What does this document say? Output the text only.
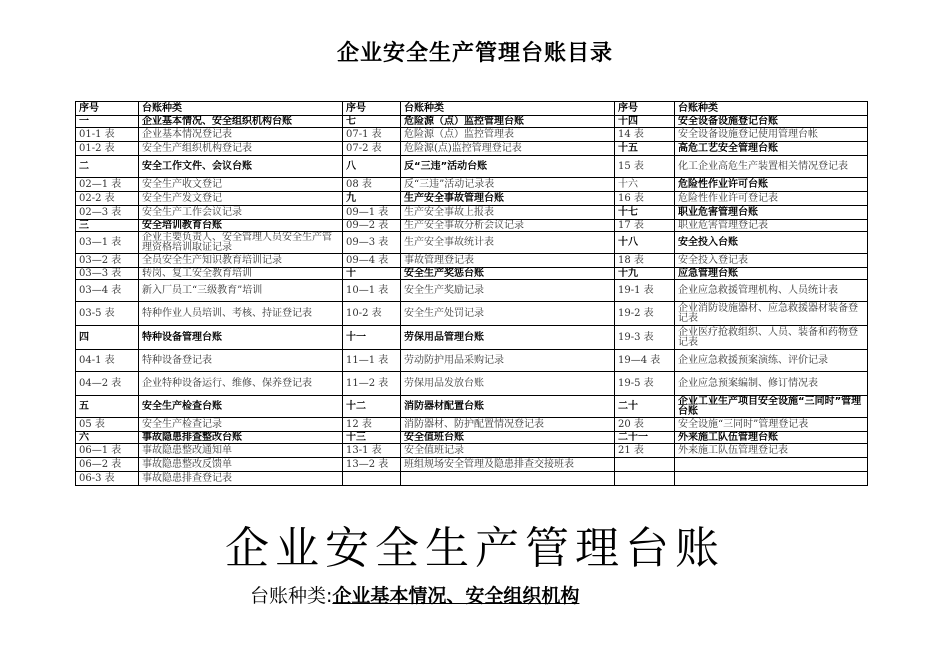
企业安全生产管理台账目录
序号	台账种类	序号	台账种类	序号	台账种类
一	企业基本情况、安全组织机构台账	七	危险源（点）监控管理台账	十四	安全设备设施登记台账
01-1 表	企业基本情况登记表	07-1 表	危险源（点）监控管理表	14 表	安全设备设施登记使用管理台帐
01-2 表	安全生产组织机构登记表	07-2 表	危险源(点)监控管理登记表	十五	高危工艺安全管理台账
二	安全工作文件、会议台账	八	反“三违”活动台账	15 表	化工企业高危生产装置相关情况登记表
02—1 表	安全生产收文登记	08 表	反“三违”活动记录表	十六	危险性作业许可台账
02-2 表	安全生产发文登记	九	生产安全事故管理台账	16 表	危险性作业许可登记表
02—3 表	安全生产工作会议记录	09—1 表	生产安全事故上报表	十七	职业危害管理台账
三	安全培训教育台账	09—2 表	生产安全事故分析会议记录	17 表	职业危害管理登记表
03—1 表	企业主要负责人、安全管理人员安全生产管理资格培训取证记录	09—3 表	生产安全事故统计表	十八	安全投入台账
03—2 表	全员安全生产知识教育培训记录	09—4 表	事故管理登记表	18 表	安全投入登记表
03—3 表	转岗、复工安全教育培训	十	安全生产奖惩台账	十九	应急管理台账
03—4 表	新入厂员工“三级教育”培训	10—1 表	安全生产奖励记录	19-1 表	企业应急救援管理机构、人员统计表
03-5 表	特种作业人员培训、考核、持证登记表	10-2 表	安全生产处罚记录	19-2 表	企业消防设施器材、应急救援器材装备登记表
四	特种设备管理台账	十一	劳保用品管理台账	19-3 表	企业医疗抢救组织、人员、装备和药物登记表
04-1 表	特种设备登记表	11—1 表	劳动防护用品采购记录	19—4 表	企业应急救援预案演练、评价记录
04—2 表	企业特种设备运行、维修、保养登记表	11—2 表	劳保用品发放台账	19-5 表	企业应急预案编制、修订情况表
五	安全生产检查台账	十二	消防器材配置台账	二十	企业工业生产项目安全设施“三同时”管理台账
05 表	安全生产检查记录	12 表	消防器材、防护配置情况登记表	20 表	安全设施“三同时”管理登记表
六	事故隐患排查整改台账	十三	安全值班台账	二十一	外来施工队伍管理台账
06—1 表	事故隐患整改通知单	13-1 表	安全值班记录	21 表	外来施工队伍管理登记表
06—2 表	事故隐患整改反馈单	13—2 表	班组规场安全管理及隐患排查交接班表		
06-3 表	事故隐患排查登记表				
企业安全生产管理台账
台账种类:企业基本情况、安全组织机构
